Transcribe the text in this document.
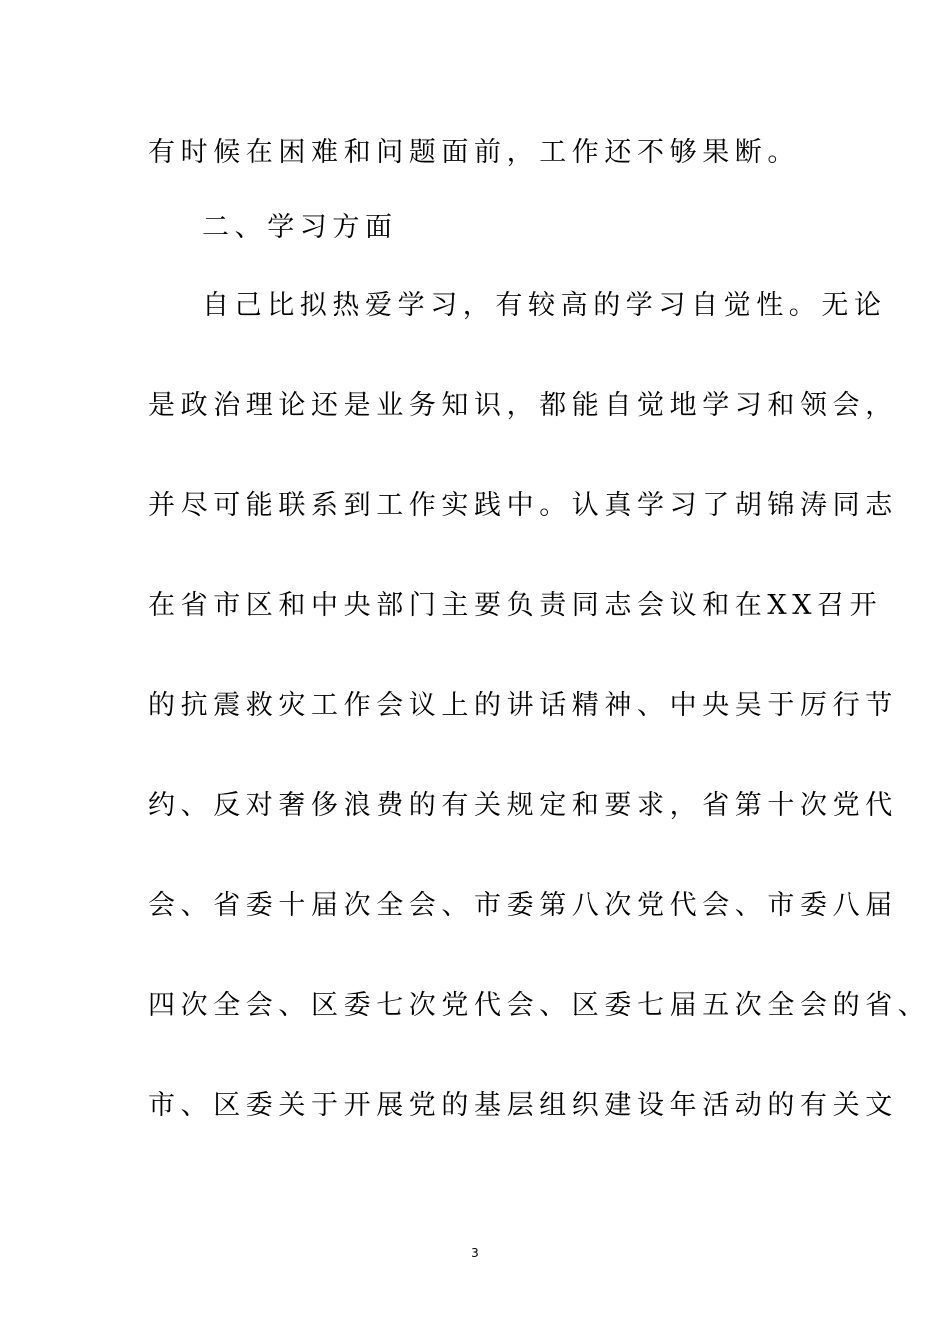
有时候在困难和问题面前，工作还不够果断。
二、学习方面
自己比拟热爱学习，有较高的学习自觉性。无论
是政治理论还是业务知识，都能自觉地学习和领会，
并尽可能联系到工作实践中。认真学习了胡锦涛同志
在省市区和中央部门主要负责同志会议和在XX召开
的抗震救灾工作会议上的讲话精神、中央吴于厉行节
约、反对奢侈浪费的有关规定和要求，省第十次党代
会、省委十届次全会、市委第八次党代会、市委八届
四次全会、区委七次党代会、区委七届五次全会的省、
市、区委关于开展党的基层组织建设年活动的有关文
3
